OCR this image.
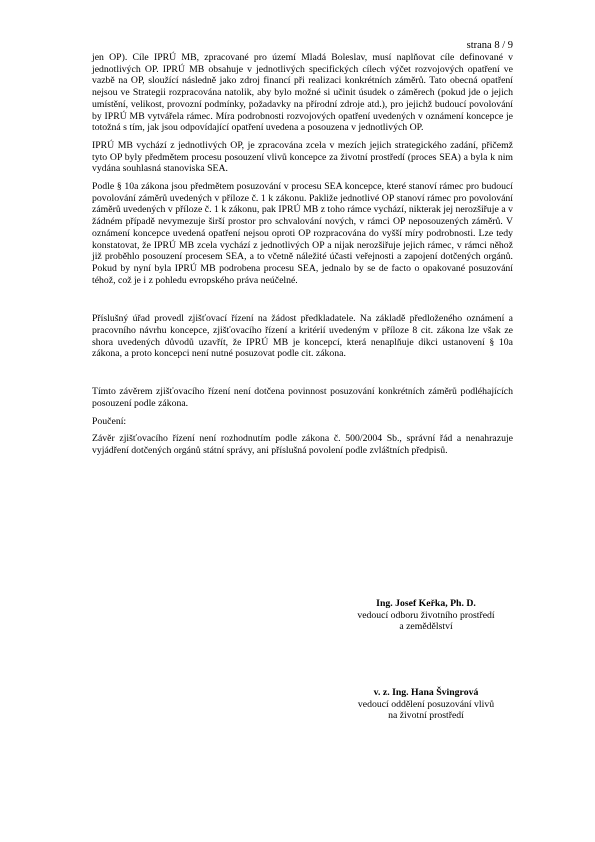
strana 8 / 9

jen OP). Cíle IPRÚ MB, zpracované pro území Mladá Boleslav, musí naplňovat cíle definované v jednotlivých OP. IPRÚ MB obsahuje v jednotlivých specifických cílech výčet rozvojových opatření ve vazbě na OP, sloužící následně jako zdroj financí při realizaci konkrétních záměrů. Tato obecná opatření nejsou ve Strategii rozpracována natolik, aby bylo možné si učinit úsudek o záměrech (pokud jde o jejich umístění, velikost, provozní podmínky, požadavky na přírodní zdroje atd.), pro jejichž budoucí povolování by IPRÚ MB vytvářela rámec. Míra podrobnosti rozvojových opatření uvedených v oznámení koncepce je totožná s tím, jak jsou odpovídající opatření uvedena a posouzena v jednotlivých OP.

IPRÚ MB vychází z jednotlivých OP, je zpracována zcela v mezích jejich strategického zadání, přičemž tyto OP byly předmětem procesu posouzení vlivů koncepce za životní prostředí (proces SEA) a byla k nim vydána souhlasná stanoviska SEA.

Podle § 10a zákona jsou předmětem posuzování v procesu SEA koncepce, které stanoví rámec pro budoucí povolování záměrů uvedených v příloze č. 1 k zákonu. Pakliže jednotlivé OP stanoví rámec pro povolování záměrů uvedených v příloze č. 1 k zákonu, pak IPRÚ MB z toho rámce vychází, nikterak jej nerozšiřuje a v žádném případě nevymezuje širší prostor pro schvalování nových, v rámci OP neposouzených záměrů. V oznámení koncepce uvedená opatření nejsou oproti OP rozpracována do vyšší míry podrobnosti. Lze tedy konstatovat, že IPRÚ MB zcela vychází z jednotlivých OP a nijak nerozšiřuje jejich rámec, v rámci něhož již proběhlo posouzení procesem SEA, a to včetně náležité účasti veřejnosti a zapojení dotčených orgánů. Pokud by nyní byla IPRÚ MB podrobena procesu SEA, jednalo by se de facto o opakované posuzování téhož, což je i z pohledu evropského práva neúčelné.

Příslušný úřad provedl zjišťovací řízení na žádost předkladatele. Na základě předloženého oznámení a pracovního návrhu koncepce, zjišťovacího řízení a kritérií uvedeným v příloze 8 cit. zákona lze však ze shora uvedených důvodů uzavřít, že IPRÚ MB je koncepcí, která nenaplňuje dikci ustanovení § 10a zákona, a proto koncepci není nutné posuzovat podle cit. zákona.

Tímto závěrem zjišťovacího řízení není dotčena povinnost posuzování konkrétních záměrů podléhajících posouzení podle zákona.

Poučení:

Závěr zjišťovacího řízení není rozhodnutím podle zákona č. 500/2004 Sb., správní řád a nenahrazuje vyjádření dotčených orgánů státní správy, ani příslušná povolení podle zvláštních předpisů.

Ing. Josef Keřka, Ph. D.
vedoucí odboru životního prostředí
a zemědělství
v. z. Ing. Hana Švingrová
vedoucí oddělení posuzování vlivů
na životní prostředí
